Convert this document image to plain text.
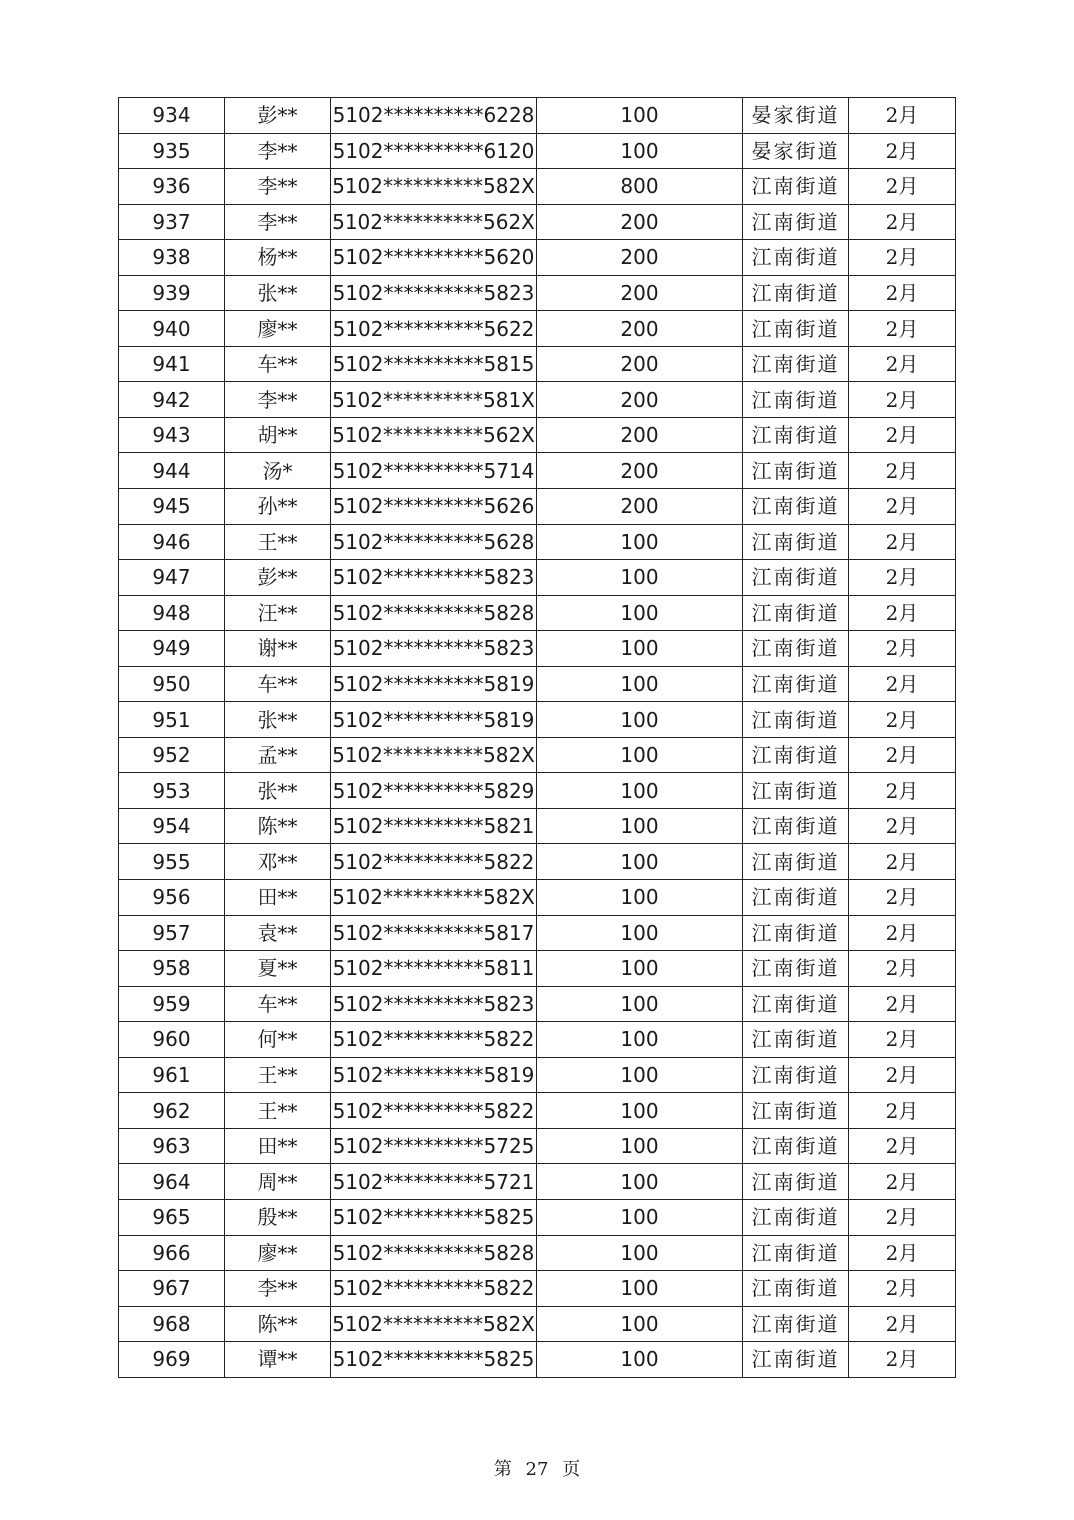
934	彭**	5102**********6228	100	晏家街道	2月
935	李**	5102**********6120	100	晏家街道	2月
936	李**	5102**********582X	800	江南街道	2月
937	李**	5102**********562X	200	江南街道	2月
938	杨**	5102**********5620	200	江南街道	2月
939	张**	5102**********5823	200	江南街道	2月
940	廖**	5102**********5622	200	江南街道	2月
941	车**	5102**********5815	200	江南街道	2月
942	李**	5102**********581X	200	江南街道	2月
943	胡**	5102**********562X	200	江南街道	2月
944	汤*	5102**********5714	200	江南街道	2月
945	孙**	5102**********5626	200	江南街道	2月
946	王**	5102**********5628	100	江南街道	2月
947	彭**	5102**********5823	100	江南街道	2月
948	汪**	5102**********5828	100	江南街道	2月
949	谢**	5102**********5823	100	江南街道	2月
950	车**	5102**********5819	100	江南街道	2月
951	张**	5102**********5819	100	江南街道	2月
952	孟**	5102**********582X	100	江南街道	2月
953	张**	5102**********5829	100	江南街道	2月
954	陈**	5102**********5821	100	江南街道	2月
955	邓**	5102**********5822	100	江南街道	2月
956	田**	5102**********582X	100	江南街道	2月
957	袁**	5102**********5817	100	江南街道	2月
958	夏**	5102**********5811	100	江南街道	2月
959	车**	5102**********5823	100	江南街道	2月
960	何**	5102**********5822	100	江南街道	2月
961	王**	5102**********5819	100	江南街道	2月
962	王**	5102**********5822	100	江南街道	2月
963	田**	5102**********5725	100	江南街道	2月
964	周**	5102**********5721	100	江南街道	2月
965	殷**	5102**********5825	100	江南街道	2月
966	廖**	5102**********5828	100	江南街道	2月
967	李**	5102**********5822	100	江南街道	2月
968	陈**	5102**********582X	100	江南街道	2月
969	谭**	5102**********5825	100	江南街道	2月
第 27 页
